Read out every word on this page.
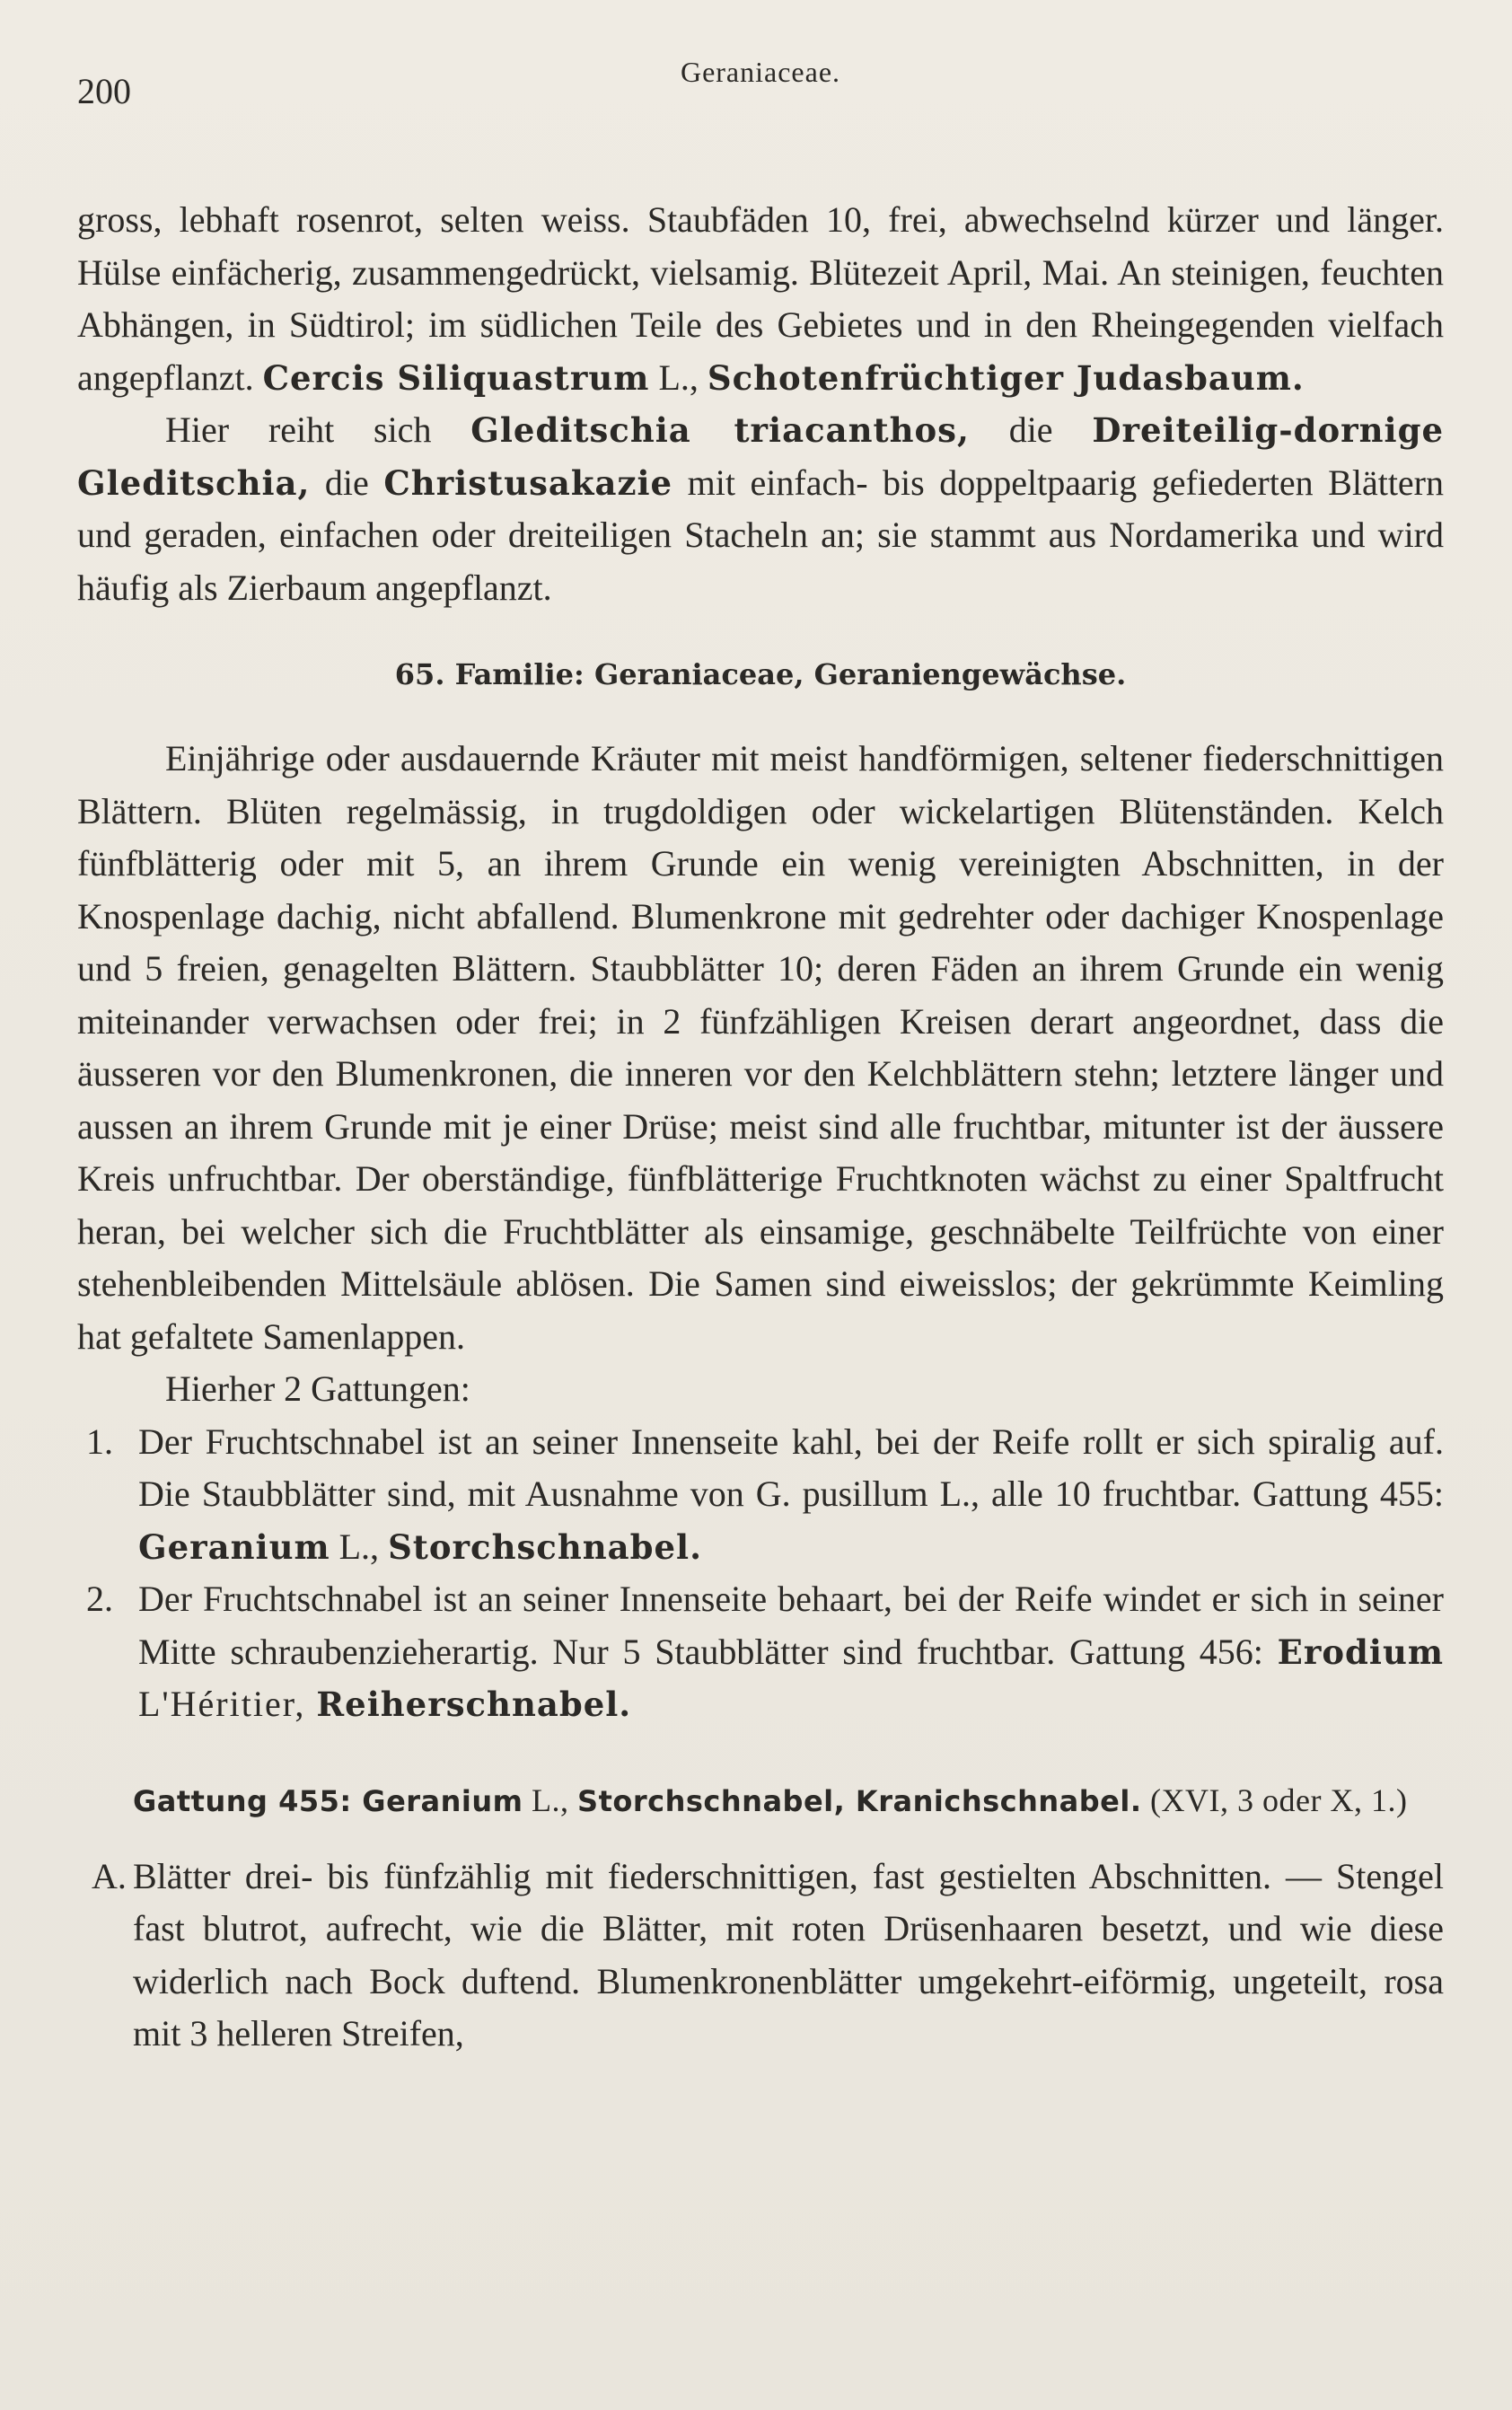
200	Geraniaceae.

gross, lebhaft rosenrot, selten weiss. Staubfäden 10, frei, abwechselnd kürzer und länger. Hülse einfächerig, zusammengedrückt, vielsamig. Blütezeit April, Mai. An steinigen, feuchten Abhängen, in Südtirol; im südlichen Teile des Gebietes und in den Rheingegenden vielfach angepflanzt. Cercis Siliquastrum L., Schotenfrüchtiger Judasbaum.

Hier reiht sich Gleditschia triacanthos, die Dreiteilig-dornige Gleditschia, die Christusakazie mit einfach- bis doppeltpaarig gefiederten Blättern und geraden, einfachen oder dreiteiligen Stacheln an; sie stammt aus Nordamerika und wird häufig als Zierbaum angepflanzt.

65. Familie: Geraniaceae, Geraniengewächse.

Einjährige oder ausdauernde Kräuter mit meist handförmigen, seltener fiederschnittigen Blättern. Blüten regelmässig, in trugdoldigen oder wickelartigen Blütenständen. Kelch fünfblätterig oder mit 5, an ihrem Grunde ein wenig vereinigten Abschnitten, in der Knospenlage dachig, nicht abfallend. Blumenkrone mit gedrehter oder dachiger Knospenlage und 5 freien, genagelten Blättern. Staubblätter 10; deren Fäden an ihrem Grunde ein wenig miteinander verwachsen oder frei; in 2 fünfzähligen Kreisen derart angeordnet, dass die äusseren vor den Blumenkronen, die inneren vor den Kelchblättern stehn; letztere länger und aussen an ihrem Grunde mit je einer Drüse; meist sind alle fruchtbar, mitunter ist der äussere Kreis unfruchtbar. Der oberständige, fünfblätterige Fruchtknoten wächst zu einer Spaltfrucht heran, bei welcher sich die Fruchtblätter als einsamige, geschnäbelte Teilfrüchte von einer stehenbleibenden Mittelsäule ablösen. Die Samen sind eiweisslos; der gekrümmte Keimling hat gefaltete Samenlappen.

Hierher 2 Gattungen:

1. Der Fruchtschnabel ist an seiner Innenseite kahl, bei der Reife rollt er sich spiralig auf. Die Staubblätter sind, mit Ausnahme von G. pusillum L., alle 10 fruchtbar. Gattung 455: Geranium L., Storchschnabel.
2. Der Fruchtschnabel ist an seiner Innenseite behaart, bei der Reife windet er sich in seiner Mitte schraubenzieherartig. Nur 5 Staubblätter sind fruchtbar. Gattung 456: Erodium L'Héritier, Reiherschnabel.
Gattung 455: Geranium L., Storchschnabel, Kranichschnabel. (XVI, 3 oder X, 1.)

A. Blätter drei- bis fünfzählig mit fiederschnittigen, fast gestielten Abschnitten. — Stengel fast blutrot, aufrecht, wie die Blätter, mit roten Drüsenhaaren besetzt, und wie diese widerlich nach Bock duftend. Blumenkronenblätter umgekehrt-eiförmig, ungeteilt, rosa mit 3 helleren Streifen,
